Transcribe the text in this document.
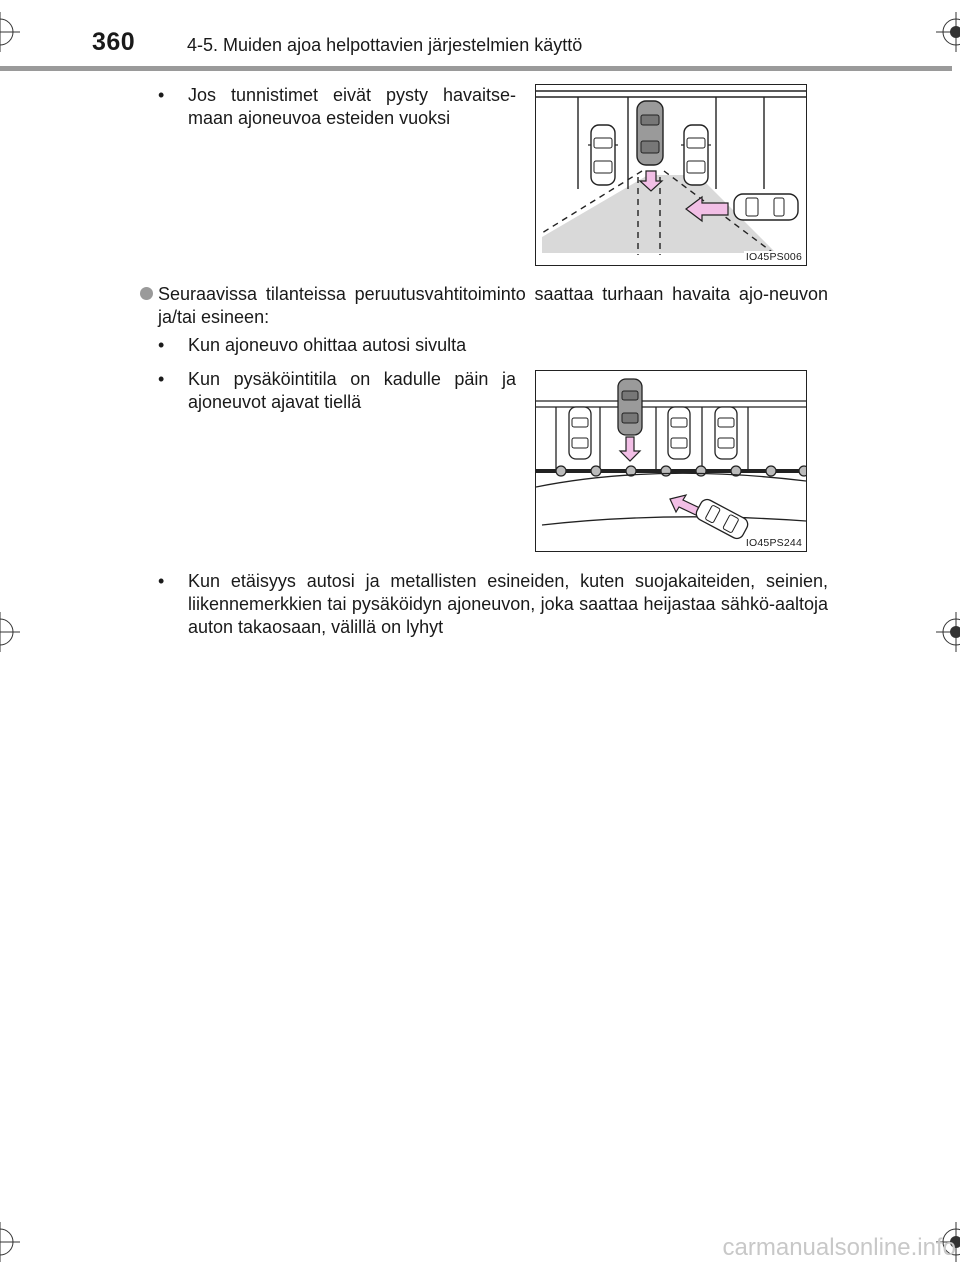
360	4-5. Muiden ajoa helpottavien järjestelmien käyttö
• Jos tunnistimet eivät pysty havaitse-maan ajoneuvoa esteiden vuoksi
IO45PS006
Seuraavissa tilanteissa peruutusvahtitoiminto saattaa turhaan havaita ajo-neuvon ja/tai esineen:
• Kun ajoneuvo ohittaa autosi sivulta
• Kun pysäköintitila on kadulle päin ja ajoneuvot ajavat tiellä
IO45PS244
• Kun etäisyys autosi ja metallisten esineiden, kuten suojakaiteiden, seinien, liikennemerkkien tai pysäköidyn ajoneuvon, joka saattaa heijastaa sähkö-aaltoja auton takaosaan, välillä on lyhyt
carmanualsonline.info
